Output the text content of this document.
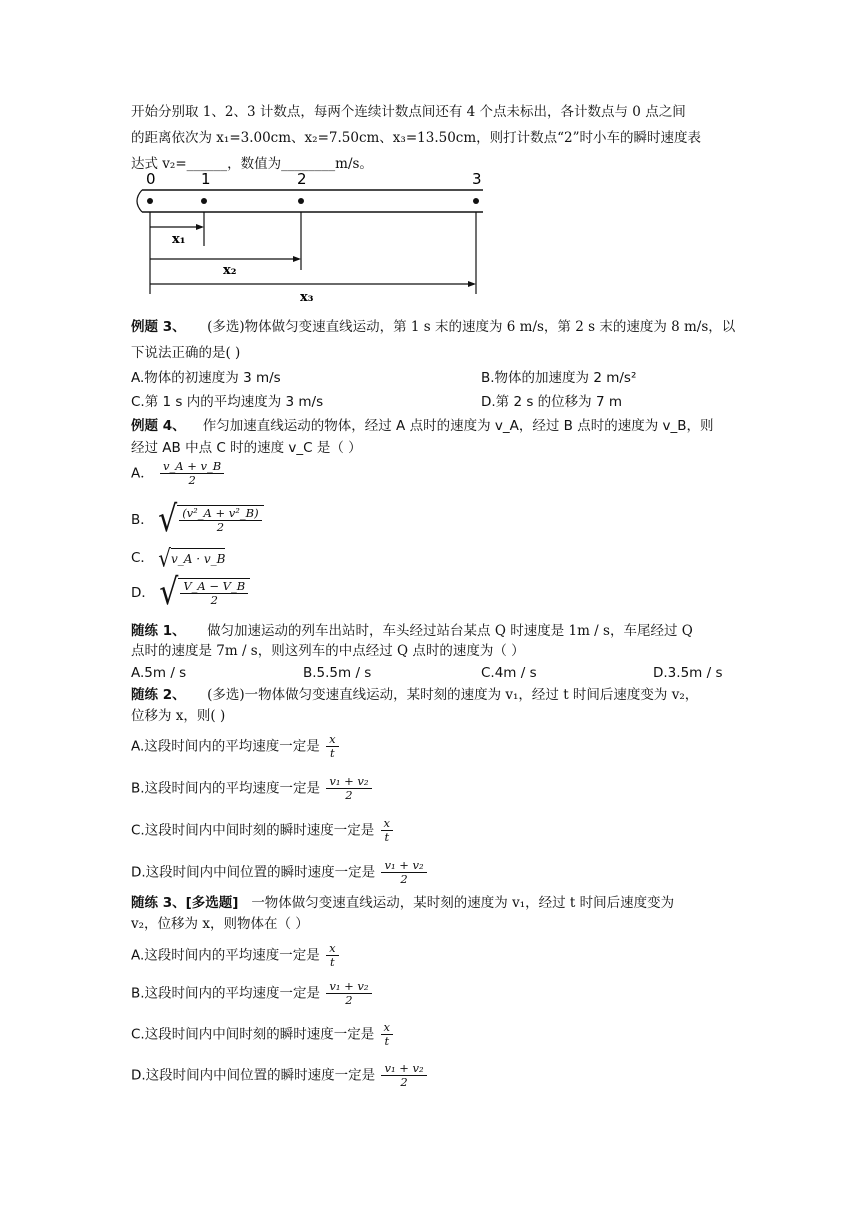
开始分别取 1、2、3 计数点，每两个连续计数点间还有 4 个点未标出，各计数点与 0 点之间
的距离依次为 x₁=3.00cm、x₂=7.50cm、x₃=13.50cm，则打计数点“2”时小车的瞬时速度表
达式 v₂=______，数值为________m/s。
0	1	2	3
x₁
x₂
x₃
例题 3、 (多选)物体做匀变速直线运动，第 1 s 末的速度为 6 m/s，第 2 s 末的速度为 8 m/s，以
下说法正确的是( )
A.物体的初速度为 3 m/s	B.物体的加速度为 2 m/s²
C.第 1 s 内的平均速度为 3 m/s	D.第 2 s 的位移为 7 m
例题 4、 作匀加速直线运动的物体，经过 A 点时的速度为 v_A，经过 B 点时的速度为 v_B，则
经过 AB 中点 C 时的速度 v_C 是（ ）
A． $\frac{v\_A + v\_B}{2}$
B． √ $\frac{\text{(v²\_A + v²\_B)}}{2}$
C． √ v_A · v_B
D． √ $\frac{V\_A - V\_B}{2}$
随练 1、 做匀加速运动的列车出站时，车头经过站台某点 Q 时速度是 1m / s，车尾经过 Q
点时的速度是 7m / s，则这列车的中点经过 Q 点时的速度为（ ）
A.5m / s	B.5.5m / s	C.4m / s	D.3.5m / s
随练 2、 (多选)一物体做匀变速直线运动，某时刻的速度为 v₁，经过 t 时间后速度变为 v₂，
位移为 x，则( )
A.这段时间内的平均速度一定是 $\frac{x}{t}$
B.这段时间内的平均速度一定是 $\frac{\text{v₁ + v₂}}{2}$
C.这段时间内中间时刻的瞬时速度一定是 $\frac{x}{t}$
D.这段时间内中间位置的瞬时速度一定是 $\frac{\text{v₁ + v₂}}{2}$
随练 3、[多选题] 一物体做匀变速直线运动，某时刻的速度为 v₁，经过 t 时间后速度变为
v₂，位移为 x，则物体在（ ）
A.这段时间内的平均速度一定是 $\frac{x}{t}$
B.这段时间内的平均速度一定是 $\frac{\text{v₁ + v₂}}{2}$
C.这段时间内中间时刻的瞬时速度一定是 $\frac{x}{t}$
D.这段时间内中间位置的瞬时速度一定是 $\frac{\text{v₁ + v₂}}{2}$
